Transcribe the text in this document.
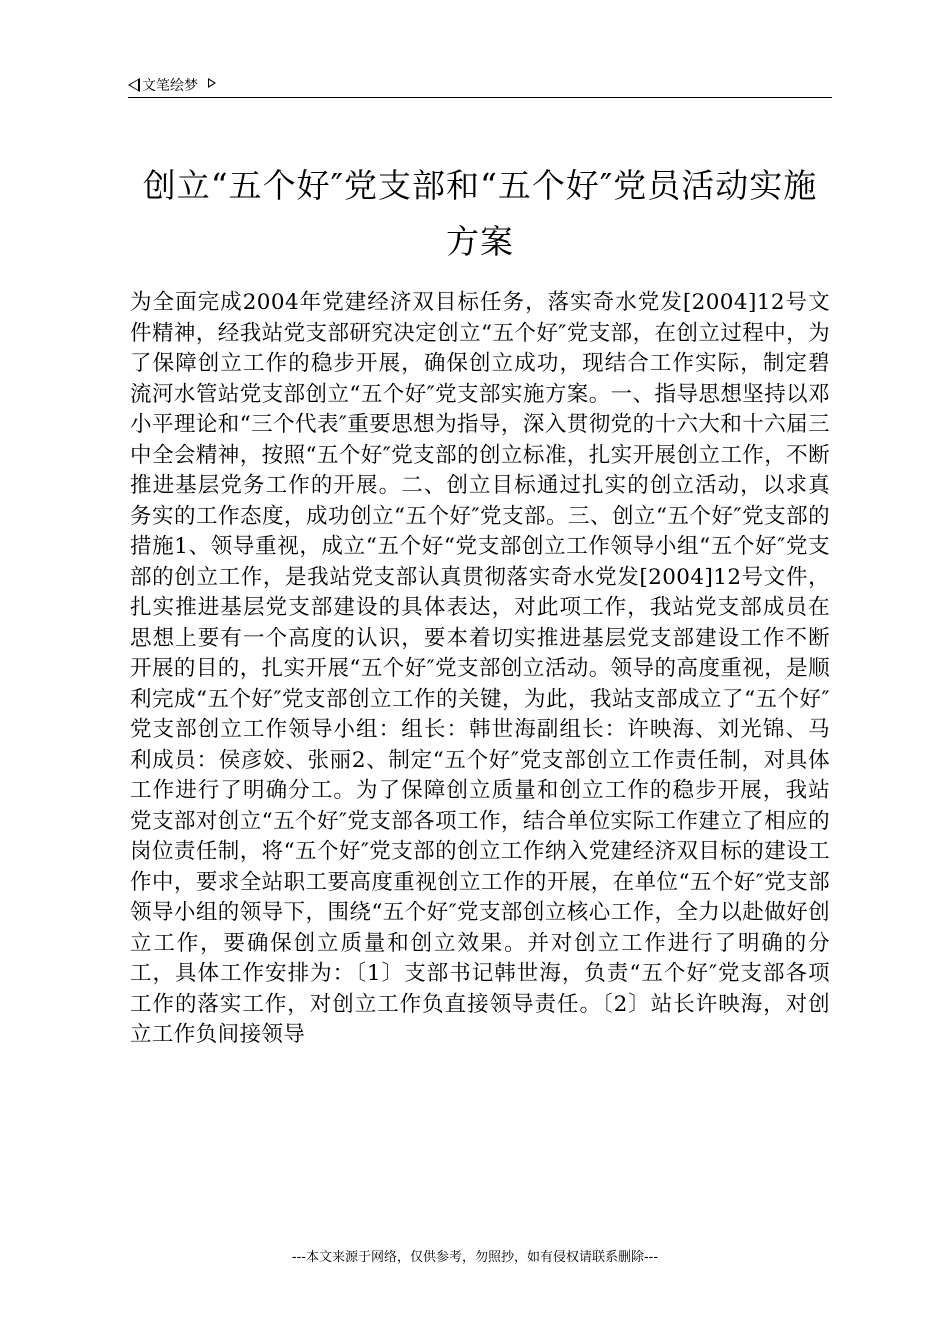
文笔绘梦
创立“五个好″党支部和“五个好″党员活动实施方案
为全面完成2004年党建经济双目标任务，落实奇水党发[2004]12号文件精神，经我站党支部研究决定创立“五个好″党支部，在创立过程中，为了保障创立工作的稳步开展，确保创立成功，现结合工作实际，制定碧流河水管站党支部创立“五个好″党支部实施方案。一、指导思想坚持以邓小平理论和“三个代表″重要思想为指导，深入贯彻党的十六大和十六届三中全会精神，按照“五个好″党支部的创立标准，扎实开展创立工作，不断推进基层党务工作的开展。二、创立目标通过扎实的创立活动，以求真务实的工作态度，成功创立“五个好″党支部。三、创立“五个好″党支部的措施1、领导重视，成立“五个好“党支部创立工作领导小组“五个好″党支部的创立工作，是我站党支部认真贯彻落实奇水党发[2004]12号文件，扎实推进基层党支部建设的具体表达，对此项工作，我站党支部成员在思想上要有一个高度的认识，要本着切实推进基层党支部建设工作不断开展的目的，扎实开展“五个好″党支部创立活动。领导的高度重视，是顺利完成“五个好″党支部创立工作的关键，为此，我站支部成立了“五个好″党支部创立工作领导小组：组长：韩世海副组长：许映海、刘光锦、马利成员：侯彦姣、张丽2、制定“五个好″党支部创立工作责任制，对具体工作进行了明确分工。为了保障创立质量和创立工作的稳步开展，我站党支部对创立“五个好″党支部各项工作，结合单位实际工作建立了相应的岗位责任制，将“五个好″党支部的创立工作纳入党建经济双目标的建设工作中，要求全站职工要高度重视创立工作的开展，在单位“五个好″党支部领导小组的领导下，围绕“五个好″党支部创立核心工作，全力以赴做好创立工作，要确保创立质量和创立效果。并对创立工作进行了明确的分工，具体工作安排为：〔1〕支部书记韩世海，负责“五个好″党支部各项工作的落实工作，对创立工作负直接领导责任。〔2〕站长许映海，对创立工作负间接领导
---本文来源于网络，仅供参考，勿照抄，如有侵权请联系删除---
